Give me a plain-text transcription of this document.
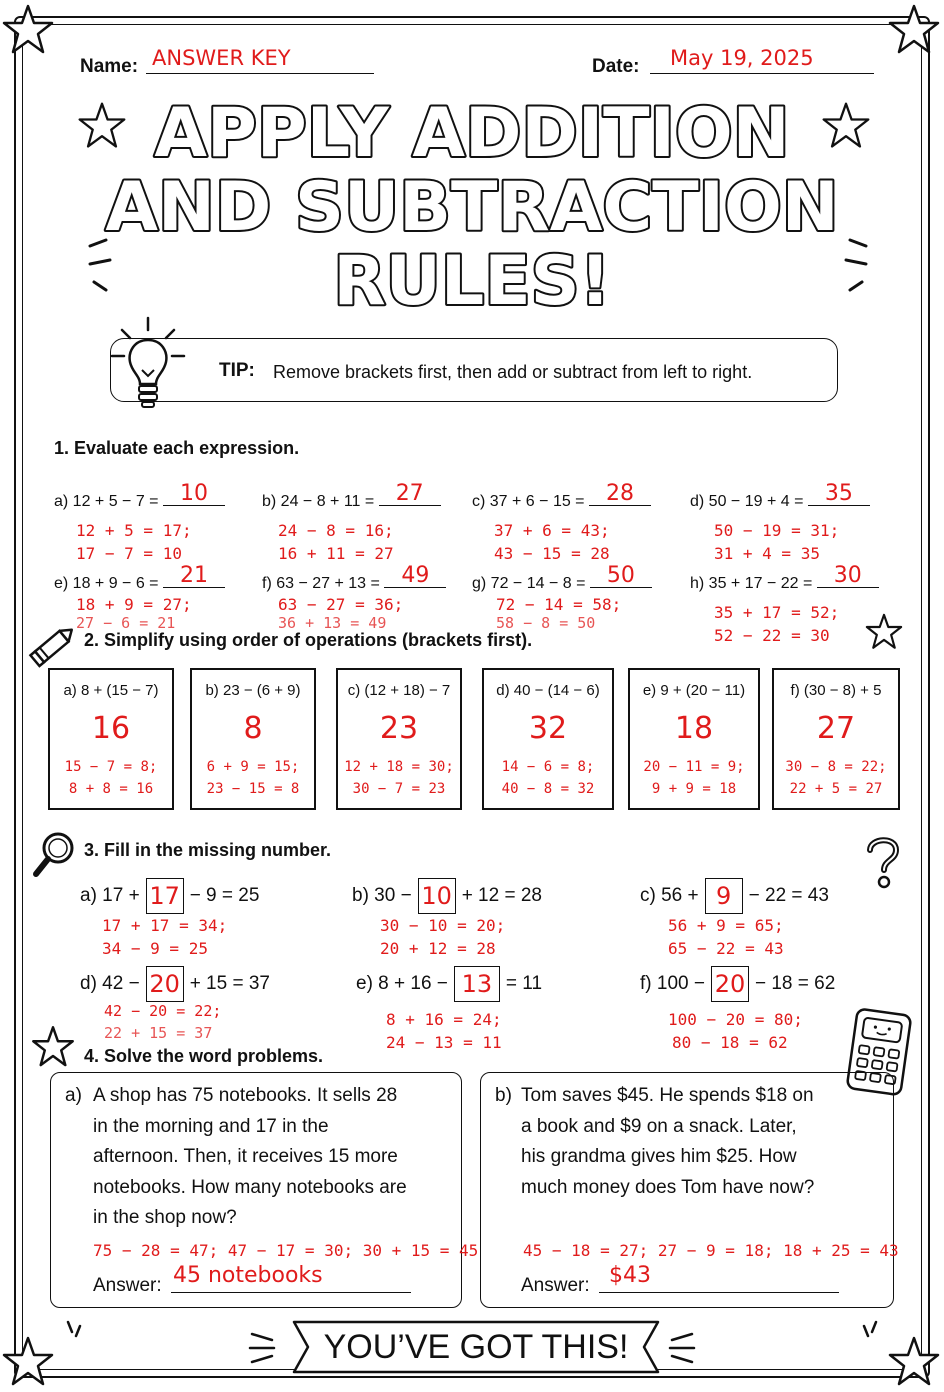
Name: ANSWER KEY	Date: May 19, 2025
APPLY ADDITION
AND SUBTRACTION
RULES!
TIP: Remove brackets first, then add or subtract from left to right.
1. Evaluate each expression.
a) 12 + 5 − 7 = 10
12 + 5 = 17;
17 − 7 = 10
b) 24 − 8 + 11 = 27
24 − 8 = 16;
16 + 11 = 27
c) 37 + 6 − 15 = 28
37 + 6 = 43;
43 − 15 = 28
d) 50 − 19 + 4 = 35
50 − 19 = 31;
31 + 4 = 35
e) 18 + 9 − 6 = 21
18 + 9 = 27;
27 − 6 = 21
f) 63 − 27 + 13 = 49
63 − 27 = 36;
36 + 13 = 49
g) 72 − 14 − 8 = 50
72 − 14 = 58;
58 − 8 = 50
h) 35 + 17 − 22 = 30
35 + 17 = 52;
52 − 22 = 30
2. Simplify using order of operations (brackets first).
a) 8 + (15 − 7)
16
15 − 7 = 8;
8 + 8 = 16
b) 23 − (6 + 9)
8
6 + 9 = 15;
23 − 15 = 8
c) (12 + 18) − 7
23
12 + 18 = 30;
30 − 7 = 23
d) 40 − (14 − 6)
32
14 − 6 = 8;
40 − 8 = 32
e) 9 + (20 − 11)
18
20 − 11 = 9;
9 + 9 = 18
f) (30 − 8) + 5
27
30 − 8 = 22;
22 + 5 = 27
3. Fill in the missing number.
a) 17 + 17 − 9 = 25
17 + 17 = 34;
34 − 9 = 25
b) 30 − 10 + 12 = 28
30 − 10 = 20;
20 + 12 = 28
c) 56 + 9 − 22 = 43
56 + 9 = 65;
65 − 22 = 43
d) 42 − 20 + 15 = 37
42 − 20 = 22;
22 + 15 = 37
e) 8 + 16 − 13 = 11
8 + 16 = 24;
24 − 13 = 11
f) 100 − 20 − 18 = 62
100 − 20 = 80;
80 − 18 = 62
4. Solve the word problems.
a) A shop has 75 notebooks. It sells 28
in the morning and 17 in the
afternoon. Then, it receives 15 more
notebooks. How many notebooks are
in the shop now?
75 − 28 = 47; 47 − 17 = 30; 30 + 15 = 45
Answer: 45 notebooks
b) Tom saves $45. He spends $18 on
a book and $9 on a snack. Later,
his grandma gives him $25. How
much money does Tom have now?
45 − 18 = 27; 27 − 9 = 18; 18 + 25 = 43
Answer: $43
YOU’VE GOT THIS!
